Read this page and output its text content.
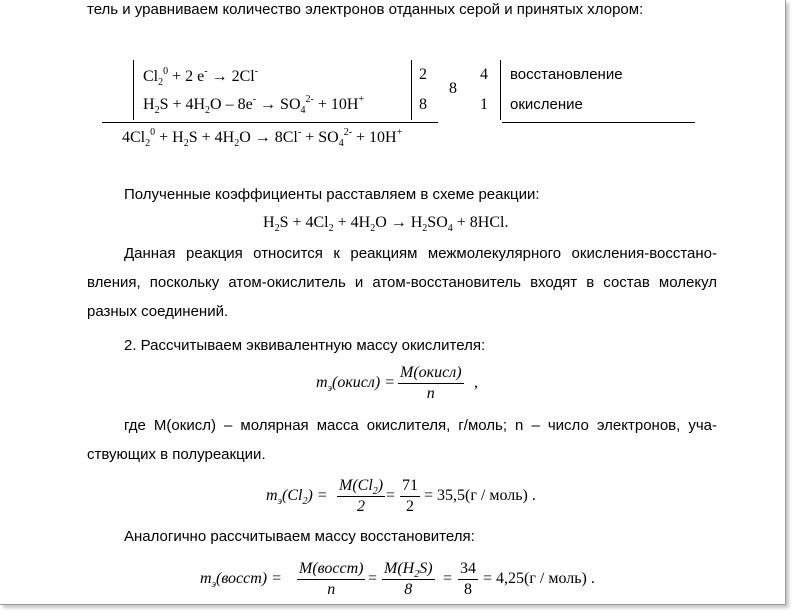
тель и уравниваем количество электронов отданных серой и принятых хлором:
$Cl_2^0 + 2$ e- → 2Cl-
$H_2S + 4H_2O - 8e^- \to SO_4^{2-} + 10H^+$
2
8
8
4
1
восстановление
окисление
$4Cl_2^0 + H_2S + 4H_2O \to 8Cl^- + SO_4^{2-} + 10H^+$
Полученные коэффициенты расставляем в схеме реакции:
$H_2S + 4Cl_2 + 4H_2O \to H_2SO_4 + 8HCl$.
Данная реакция относится к реакциям межмолекулярного окисления-восстано-
вления, поскольку атом-окислитель и атом-восстановитель входят в состав молекул
разных соединений.
2. Рассчитываем эквивалентную массу окислителя:
$m_э(окисл)$ =
M(окисл)
n
,
где М(окисл) – молярная масса окислителя, г/моль; n – число электронов, уча-
ствующих в полуреакции.
$m_э(Cl_2) = \frac{M(Cl_2)}{2} = \frac{71}{2} = 35,5(г$ / моль) .
Аналогично рассчитываем массу восстановителя:
$m_э(восст)$ =
M(восст)
n
= $\frac{M(H_2S)}{8} = \frac{34}{8} = 4,25(г$ / моль) .
